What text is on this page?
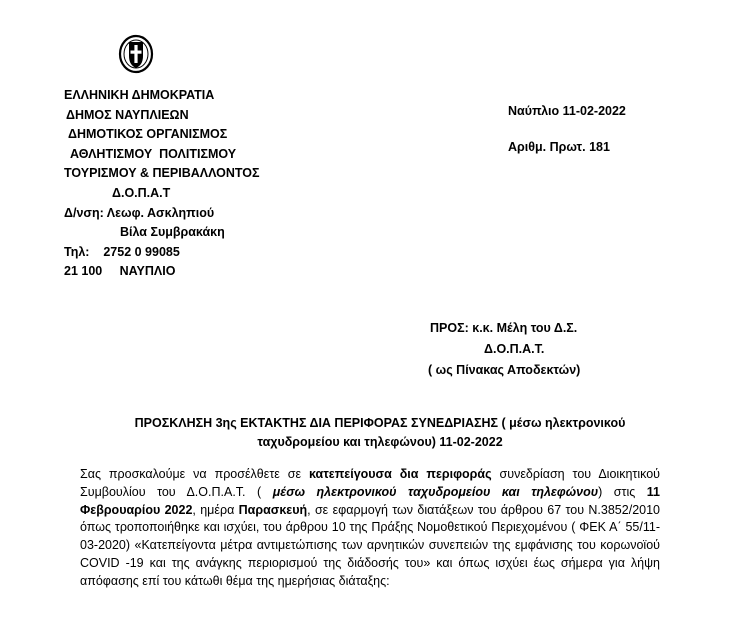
ΕΛΛΗΝΙΚΗ ΔΗΜΟΚΡΑΤΙΑ
ΔΗΜΟΣ ΝΑΥΠΛΙΕΩΝ
ΔΗΜΟΤΙΚΟΣ ΟΡΓΑΝΙΣΜΟΣ
ΑΘΛΗΤΙΣΜΟΥ  ΠΟΛΙΤΙΣΜΟΥ
ΤΟΥΡΙΣΜΟΥ & ΠΕΡΙΒΑΛΛΟΝΤΟΣ
Δ.Ο.Π.Α.Τ
Δ/νση: Λεωφ. Ασκληπιού
Βίλα Συμβρακάκη
Τηλ:    2752 0 99085
21 100     ΝΑΥΠΛΙΟ
Ναύπλιο 11-02-2022
Αριθμ. Πρωτ. 181
ΠΡΟΣ: κ.κ. Μέλη του Δ.Σ.
Δ.Ο.Π.Α.Τ.
( ως Πίνακας Αποδεκτών)
ΠΡΟΣΚΛΗΣΗ 3ης ΕΚΤΑΚΤΗΣ ΔΙΑ ΠΕΡΙΦΟΡΑΣ ΣΥΝΕΔΡΙΑΣΗΣ ( μέσω ηλεκτρονικού
ταχυδρομείου και τηλεφώνου) 11-02-2022
Σας προσκαλούμε να προσέλθετε σε κατεπείγουσα δια περιφοράς συνεδρίαση του Διοικητικού Συμβουλίου του Δ.Ο.Π.Α.Τ. ( μέσω ηλεκτρονικού ταχυδρομείου και τηλεφώνου) στις 11 Φεβρουαρίου 2022, ημέρα Παρασκευή, σε εφαρμογή των διατάξεων του άρθρου 67 του Ν.3852/2010 όπως τροποποιήθηκε και ισχύει, του άρθρου 10 της Πράξης Νομοθετικού Περιεχομένου ( ΦΕΚ Α΄ 55/11-03-2020) «Κατεπείγοντα μέτρα αντιμετώπισης των αρνητικών συνεπειών της εμφάνισης του κορωνοϊού COVID -19 και της ανάγκης περιορισμού της διάδοσής του» και όπως ισχύει έως σήμερα για λήψη απόφασης επί του κάτωθι θέμα της ημερήσιας διάταξης:
